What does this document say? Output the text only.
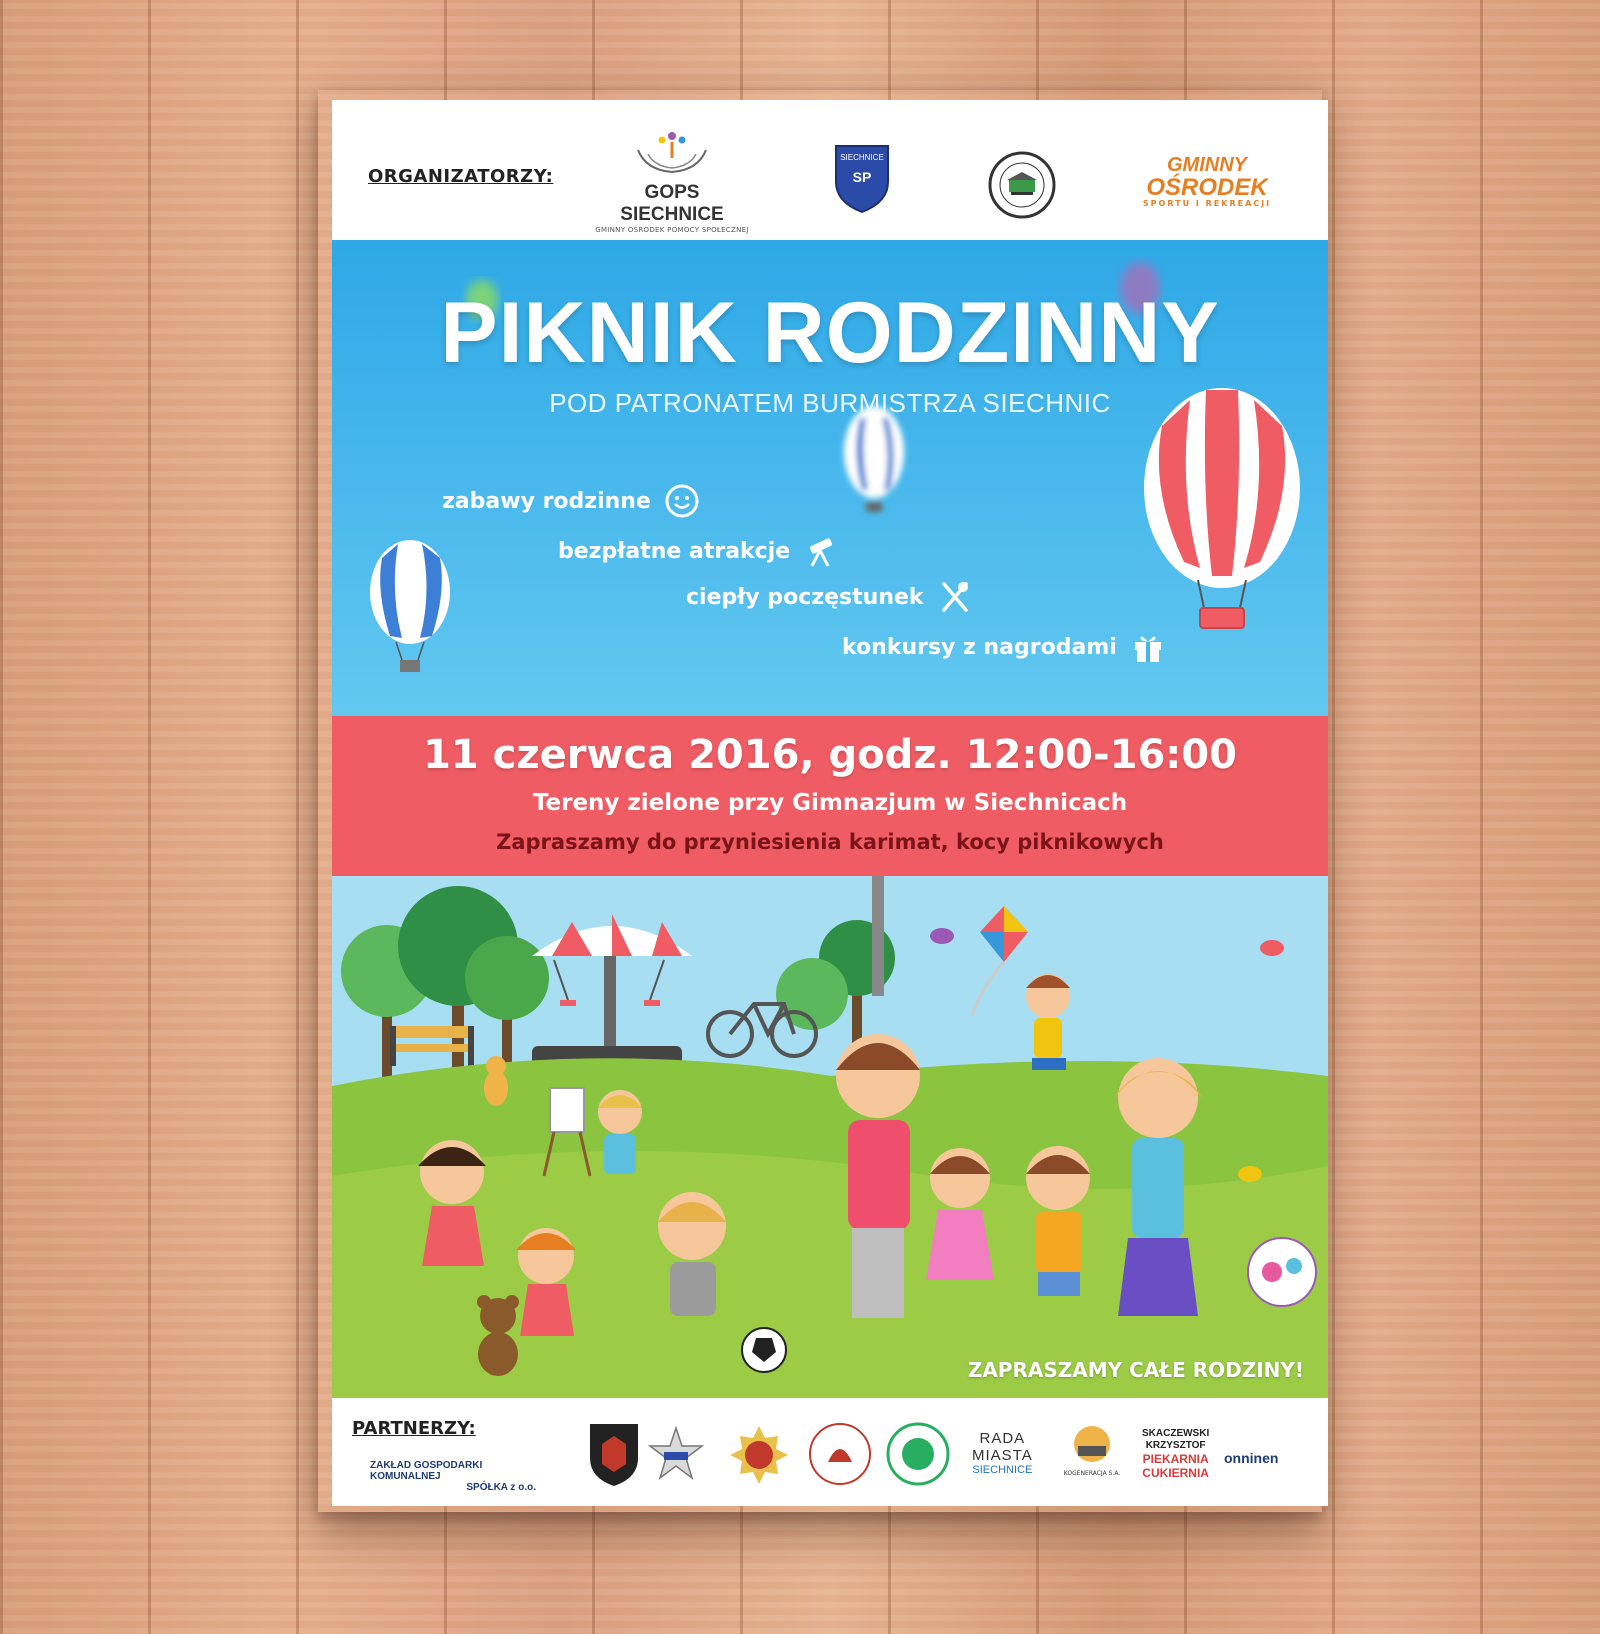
ORGANIZATORZY:
GOPS SIECHNICE
GMINNY OŚRODEK POMOCY SPOŁECZNEJ
SIECHNICE
SP
GMINNY
OŚRODEK
SPORTU I REKREACJI
PIKNIK RODZINNY
POD PATRONATEM BURMISTRZA SIECHNIC
zabawy rodzinne
bezpłatne atrakcje
ciepły poczęstunek
konkursy z nagrodami
11 czerwca 2016, godz. 12:00-16:00
Tereny zielone przy Gimnazjum w Siechnicach
Zapraszamy do przyniesienia karimat, kocy piknikowych
ZAPRASZAMY CAŁE RODZINY!
PARTNERZY:
ZAKŁAD GOSPODARKI KOMUNALNEJ
SPÓŁKA z o.o.
RADA
MIASTA
SIECHNICE	KOGENERACJA S.A.
SKACZEWSKI
KRZYSZTOF
PIEKARNIA
CUKIERNIA
onninen
